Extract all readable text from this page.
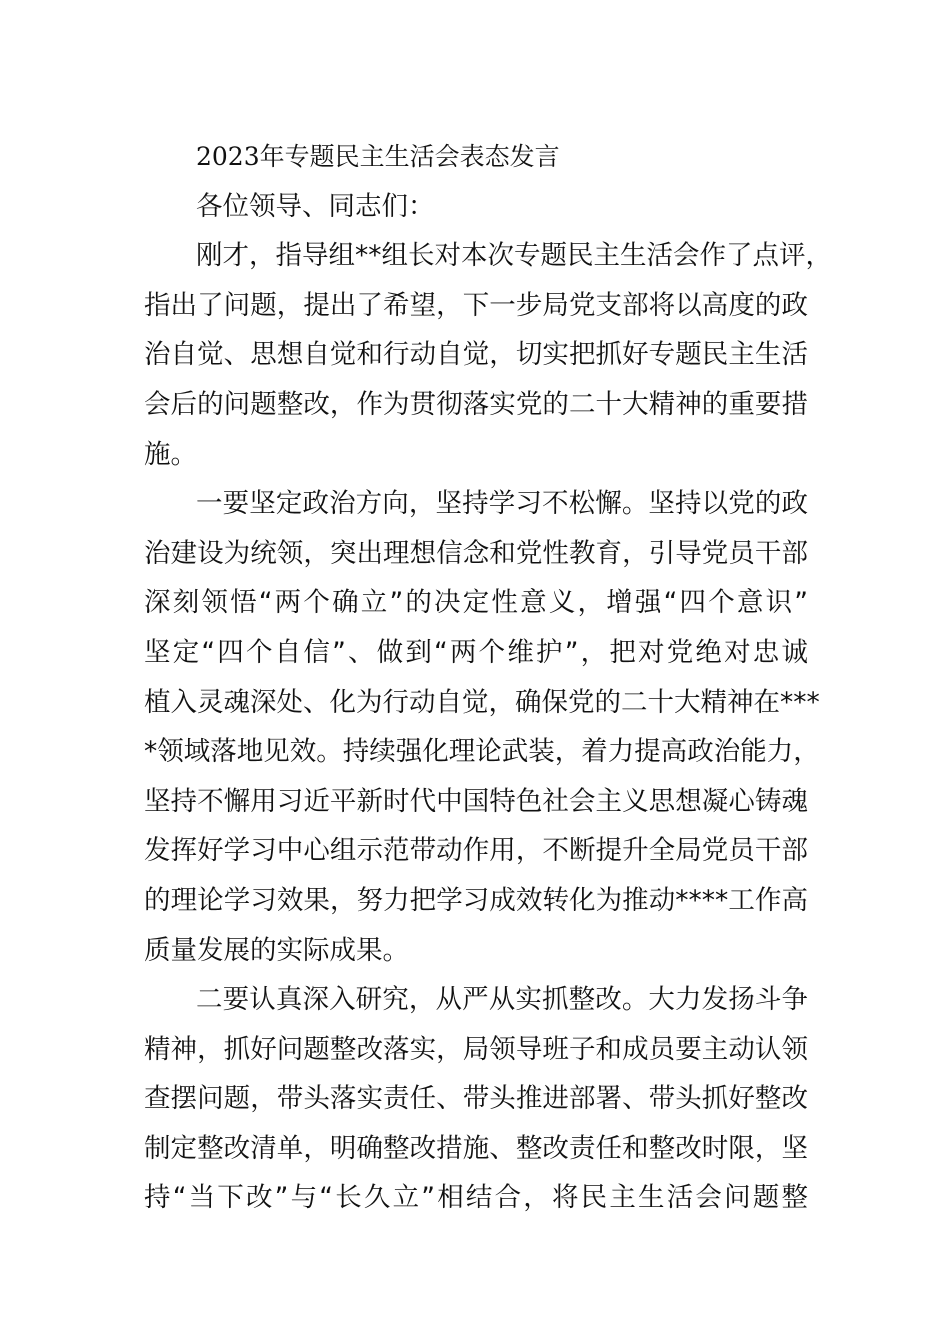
2023年专题民主生活会表态发言
各位领导、同志们：
刚才，指导组**组长对本次专题民主生活会作了点评，
指出了问题，提出了希望，下一步局党支部将以高度的政
治自觉、思想自觉和行动自觉，切实把抓好专题民主生活
会后的问题整改，作为贯彻落实党的二十大精神的重要措
施。
一要坚定政治方向，坚持学习不松懈。坚持以党的政
治建设为统领，突出理想信念和党性教育，引导党员干部
深刻领悟“两个确立”的决定性意义，增强“四个意识”
坚定“四个自信”、做到“两个维护”，把对党绝对忠诚
植入灵魂深处、化为行动自觉，确保党的二十大精神在***
*领域落地见效。持续强化理论武装，着力提高政治能力，
坚持不懈用习近平新时代中国特色社会主义思想凝心铸魂
发挥好学习中心组示范带动作用，不断提升全局党员干部
的理论学习效果，努力把学习成效转化为推动****工作高
质量发展的实际成果。
二要认真深入研究，从严从实抓整改。大力发扬斗争
精神，抓好问题整改落实，局领导班子和成员要主动认领
查摆问题，带头落实责任、带头推进部署、带头抓好整改
制定整改清单，明确整改措施、整改责任和整改时限，坚
持“当下改”与“长久立”相结合，将民主生活会问题整
